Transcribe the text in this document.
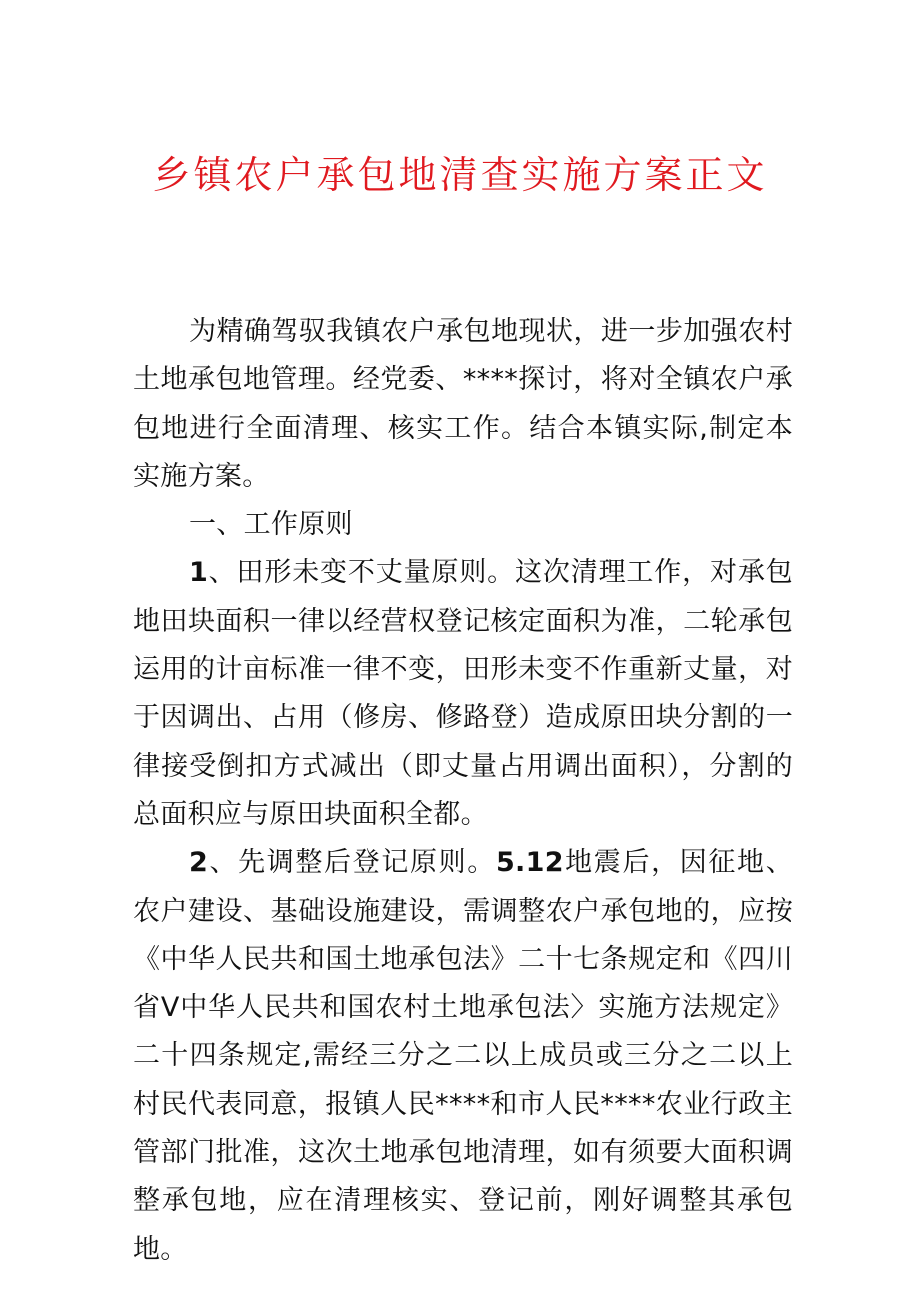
乡镇农户承包地清查实施方案正文

为精确驾驭我镇农户承包地现状，进一步加强农村土地承包地管理。经党委、****探讨，将对全镇农户承包地进行全面清理、核实工作。结合本镇实际,制定本实施方案。

一、工作原则

1、田形未变不丈量原则。这次清理工作，对承包地田块面积一律以经营权登记核定面积为准，二轮承包运用的计亩标准一律不变，田形未变不作重新丈量，对于因调出、占用（修房、修路登）造成原田块分割的一律接受倒扣方式减出（即丈量占用调出面积），分割的总面积应与原田块面积全都。

2、先调整后登记原则。5.12地震后，因征地、农户建设、基础设施建设，需调整农户承包地的，应按《中华人民共和国土地承包法》二十七条规定和《四川省V中华人民共和国农村土地承包法〉实施方法规定》二十四条规定,需经三分之二以上成员或三分之二以上村民代表同意，报镇人民****和市人民****农业行政主管部门批准，这次土地承包地清理，如有须要大面积调整承包地，应在清理核实、登记前，刚好调整其承包地。
